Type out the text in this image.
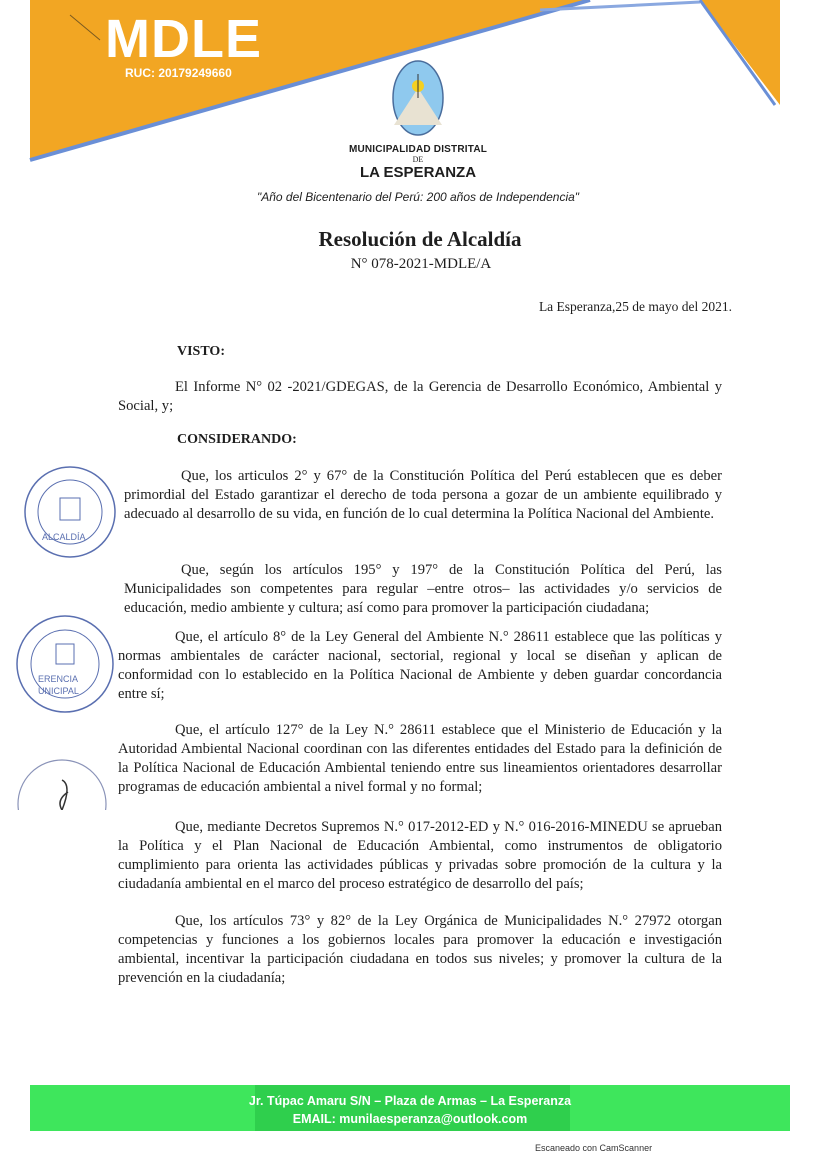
MDLE
RUC: 20179249660
MUNICIPALIDAD DISTRITAL
DE
LA ESPERANZA
"Año del Bicentenario del Perú: 200 años de Independencia"
Resolución de Alcaldía
N° 078-2021-MDLE/A
La Esperanza,25 de mayo del 2021.
VISTO:
El Informe N° 02 -2021/GDEGAS, de la Gerencia de Desarrollo Económico, Ambiental y Social, y;
CONSIDERANDO:
Que, los articulos 2° y 67° de la Constitución Política del Perú establecen que es deber primordial del Estado garantizar el derecho de toda persona a gozar de un ambiente equilibrado y adecuado al desarrollo de su vida, en función de lo cual determina la Política Nacional del Ambiente.
Que, según los artículos 195° y 197° de la Constitución Política del Perú, las Municipalidades son competentes para regular –entre otros– las actividades y/o servicios de educación, medio ambiente y cultura; así como para promover la participación ciudadana;
Que, el artículo 8° de la Ley General del Ambiente N.° 28611 establece que las políticas y normas ambientales de carácter nacional, sectorial, regional y local se diseñan y aplican de conformidad con lo establecido en la Política Nacional de Ambiente y deben guardar concordancia entre sí;
Que, el artículo 127° de la Ley N.° 28611 establece que el Ministerio de Educación y la Autoridad Ambiental Nacional coordinan con las diferentes entidades del Estado para la definición de la Política Nacional de Educación Ambiental teniendo entre sus lineamientos orientadores desarrollar programas de educación ambiental a nivel formal y no formal;
Que, mediante Decretos Supremos N.° 017-2012-ED y N.° 016-2016-MINEDU se aprueban la Política y el Plan Nacional de Educación Ambiental, como instrumentos de obligatorio cumplimiento para orienta las actividades públicas y privadas sobre promoción de la cultura y la ciudadanía ambiental en el marco del proceso estratégico de desarrollo del país;
Que, los artículos 73° y 82° de la Ley Orgánica de Municipalidades N.° 27972 otorgan competencias y funciones a los gobiernos locales para promover la educación e investigación ambiental, incentivar la participación ciudadana en todos sus niveles; y promover la cultura de la prevención en la ciudadanía;
ALCALDÍA
ERENCIA
UNICIPAL
Jr. Túpac Amaru S/N – Plaza de Armas – La Esperanza
EMAIL: munilaesperanza@outlook.com
Escaneado con CamScanner
